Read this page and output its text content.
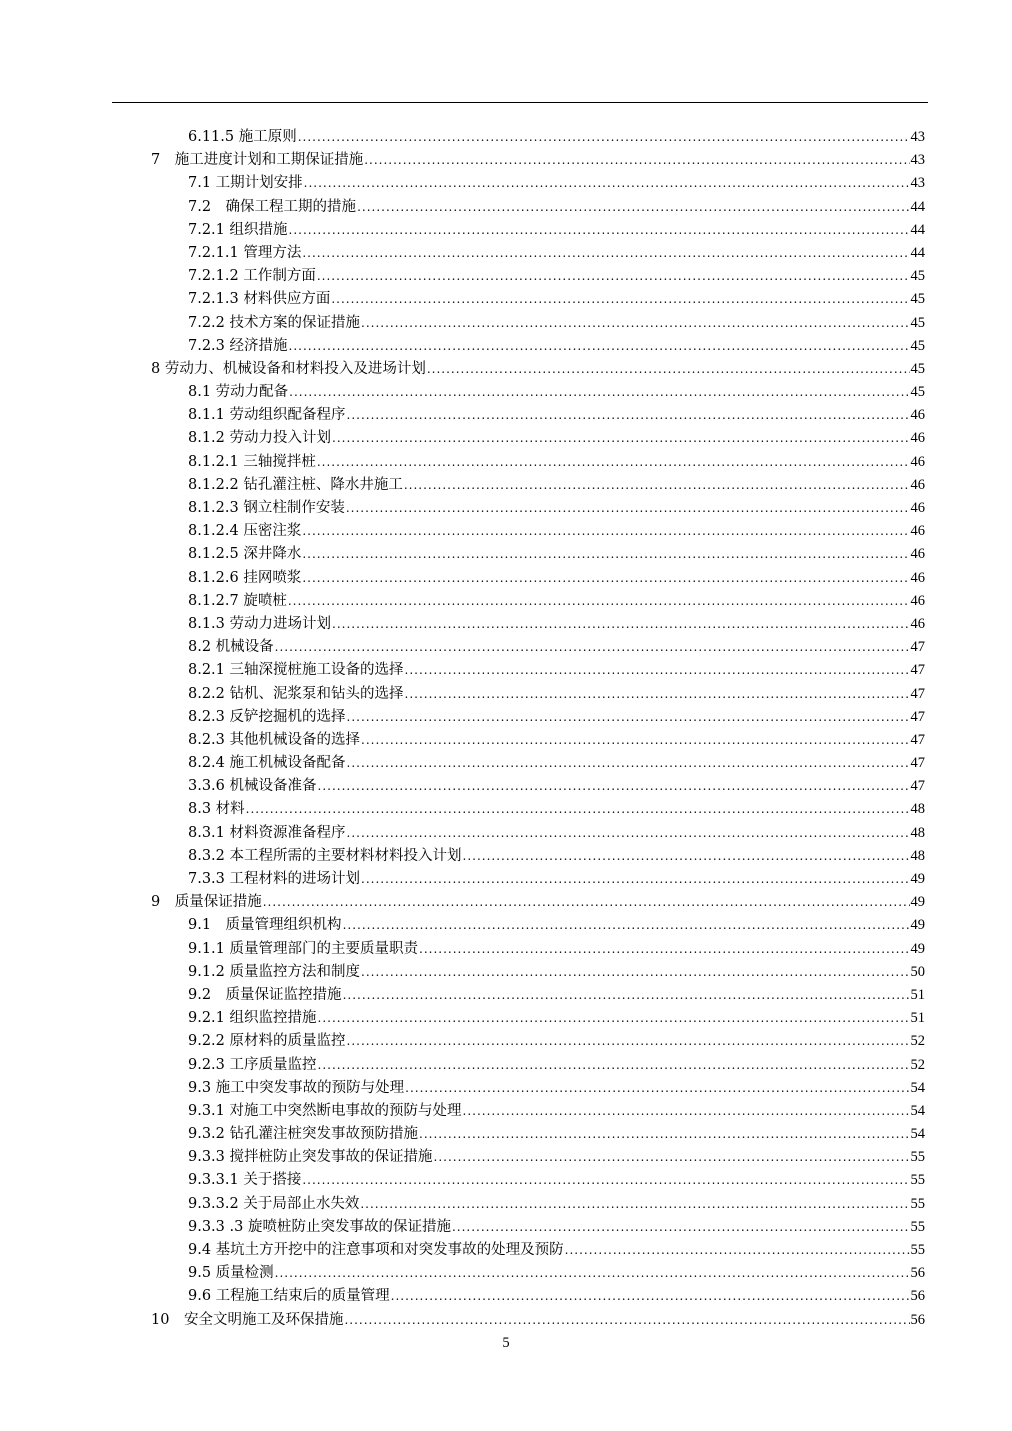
6.11.5 施工原则 .....	43
7　施工进度计划和工期保证措施 .....	43
7.1 工期计划安排 .....	43
7.2　确保工程工期的措施 .....	44
7.2.1 组织措施 .....	44
7.2.1.1 管理方法 .....	44
7.2.1.2 工作制方面 .....	45
7.2.1.3 材料供应方面 .....	45
7.2.2 技术方案的保证措施 .....	45
7.2.3 经济措施 .....	45
8 劳动力、机械设备和材料投入及进场计划 .....	45
8.1 劳动力配备 .....	45
8.1.1 劳动组织配备程序 .....	46
8.1.2 劳动力投入计划 .....	46
8.1.2.1 三轴搅拌桩 .....	46
8.1.2.2 钻孔灌注桩、降水井施工 .....	46
8.1.2.3 钢立柱制作安装 .....	46
8.1.2.4 压密注浆 .....	46
8.1.2.5 深井降水 .....	46
8.1.2.6 挂网喷浆 .....	46
8.1.2.7 旋喷桩 .....	46
8.1.3 劳动力进场计划 .....	46
8.2 机械设备 .....	47
8.2.1 三轴深搅桩施工设备的选择 .....	47
8.2.2 钻机、泥浆泵和钻头的选择 .....	47
8.2.3 反铲挖掘机的选择 .....	47
8.2.3 其他机械设备的选择 .....	47
8.2.4 施工机械设备配备 .....	47
3.3.6 机械设备准备 .....	47
8.3 材料 .....	48
8.3.1 材料资源准备程序 .....	48
8.3.2 本工程所需的主要材料材料投入计划 .....	48
7.3.3 工程材料的进场计划 .....	49
9　质量保证措施 .....	49
9.1　质量管理组织机构 .....	49
9.1.1 质量管理部门的主要质量职责 .....	49
9.1.2 质量监控方法和制度 .....	50
9.2　质量保证监控措施 .....	51
9.2.1 组织监控措施 .....	51
9.2.2 原材料的质量监控 .....	52
9.2.3 工序质量监控 .....	52
9.3 施工中突发事故的预防与处理 .....	54
9.3.1 对施工中突然断电事故的预防与处理 .....	54
9.3.2 钻孔灌注桩突发事故预防措施 .....	54
9.3.3 搅拌桩防止突发事故的保证措施 .....	55
9.3.3.1 关于搭接 .....	55
9.3.3.2 关于局部止水失效 .....	55
9.3.3 .3 旋喷桩防止突发事故的保证措施 .....	55
9.4 基坑土方开挖中的注意事项和对突发事故的处理及预防 .....	55
9.5 质量检测 .....	56
9.6 工程施工结束后的质量管理 .....	56
10　安全文明施工及环保措施 .....	56
5
